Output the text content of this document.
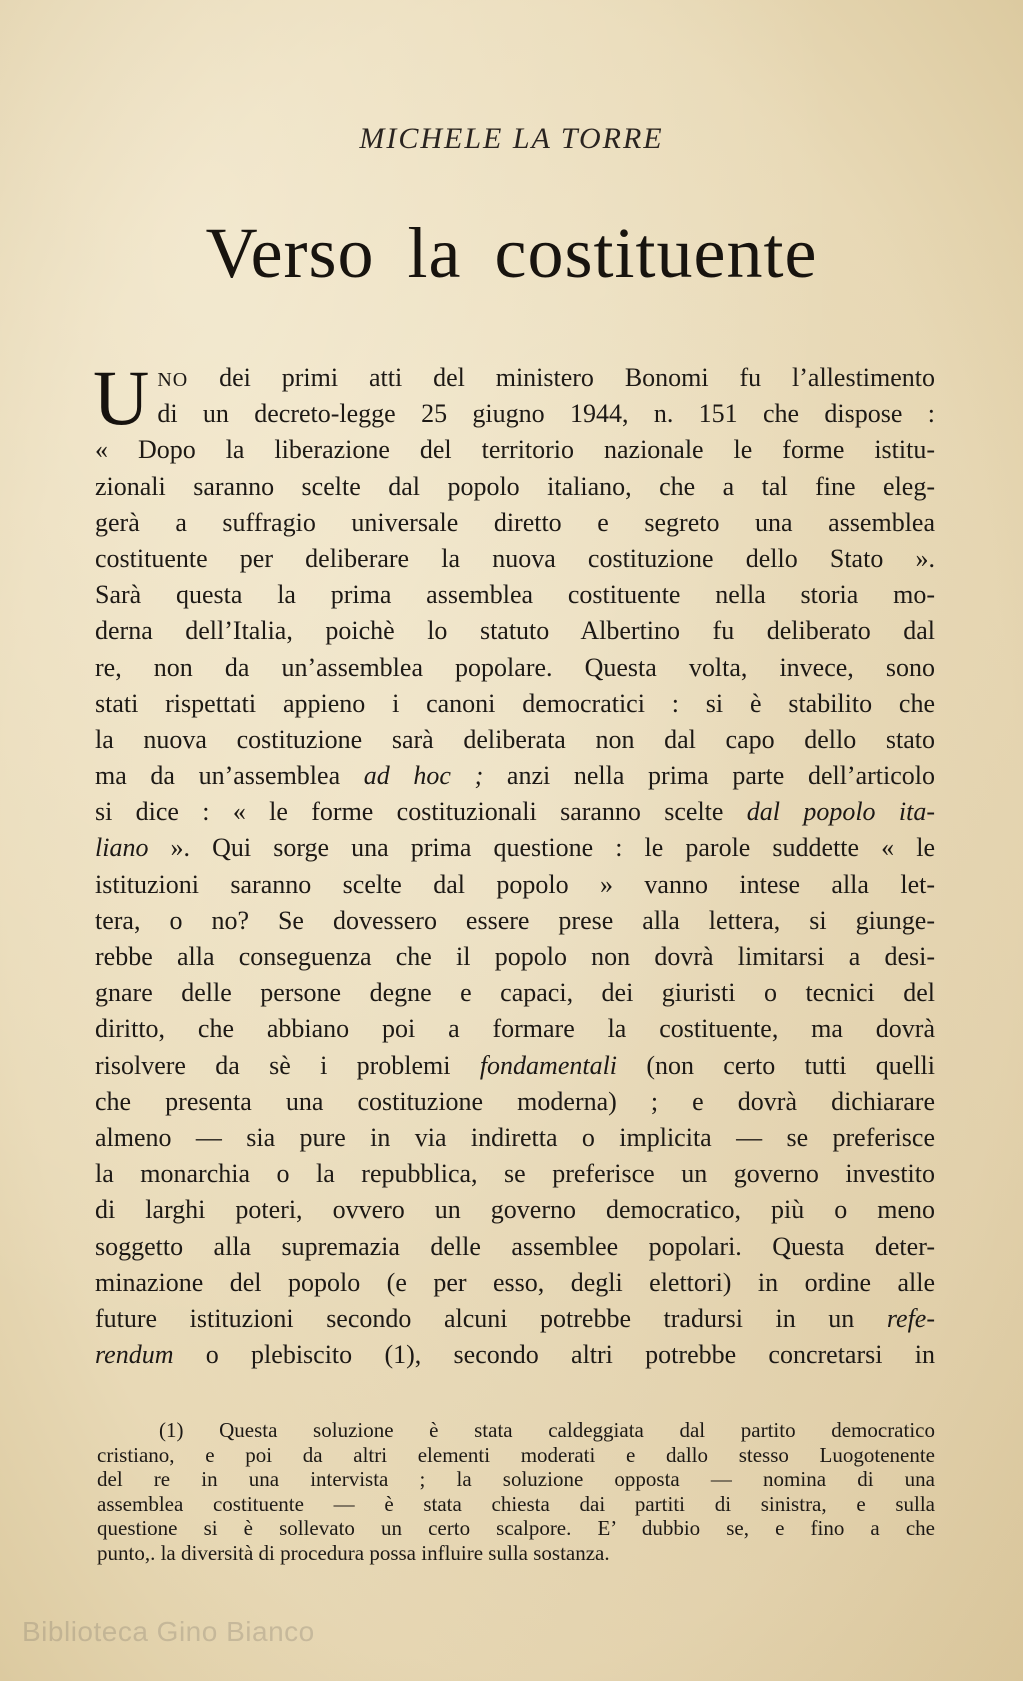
MICHELE LA TORRE
Verso la costituente
U NO dei primi atti del ministero Bonomi fu l’allestimento
di un decreto-legge 25 giugno 1944, n. 151 che dispose :
« Dopo la liberazione del territorio nazionale le forme istitu-
zionali saranno scelte dal popolo italiano, che a tal fine eleg-
gerà a suffragio universale diretto e segreto una assemblea
costituente per deliberare la nuova costituzione dello Stato ».
Sarà questa la prima assemblea costituente nella storia mo-
derna dell’Italia, poichè lo statuto Albertino fu deliberato dal
re, non da un’assemblea popolare. Questa volta, invece, sono
stati rispettati appieno i canoni democratici : si è stabilito che
la nuova costituzione sarà deliberata non dal capo dello stato
ma da un’assemblea ad hoc ; anzi nella prima parte dell’articolo
si dice : « le forme costituzionali saranno scelte dal popolo ita-
liano ». Qui sorge una prima questione : le parole suddette « le
istituzioni saranno scelte dal popolo » vanno intese alla let-
tera, o no? Se dovessero essere prese alla lettera, si giunge-
rebbe alla conseguenza che il popolo non dovrà limitarsi a desi-
gnare delle persone degne e capaci, dei giuristi o tecnici del
diritto, che abbiano poi a formare la costituente, ma dovrà
risolvere da sè i problemi fondamentali (non certo tutti quelli
che presenta una costituzione moderna) ; e dovrà dichiarare
almeno — sia pure in via indiretta o implicita — se preferisce
la monarchia o la repubblica, se preferisce un governo investito
di larghi poteri, ovvero un governo democratico, più o meno
soggetto alla supremazia delle assemblee popolari. Questa deter-
minazione del popolo (e per esso, degli elettori) in ordine alle
future istituzioni secondo alcuni potrebbe tradursi in un refe-
rendum o plebiscito (1), secondo altri potrebbe concretarsi in
(1) Questa soluzione è stata caldeggiata dal partito democratico
cristiano, e poi da altri elementi moderati e dallo stesso Luogotenente
del re in una intervista ; la soluzione opposta — nomina di una
assemblea costituente — è stata chiesta dai partiti di sinistra, e sulla
questione si è sollevato un certo scalpore. E’ dubbio se, e fino a che
punto,. la diversità di procedura possa influire sulla sostanza.
Biblioteca Gino Bianco
